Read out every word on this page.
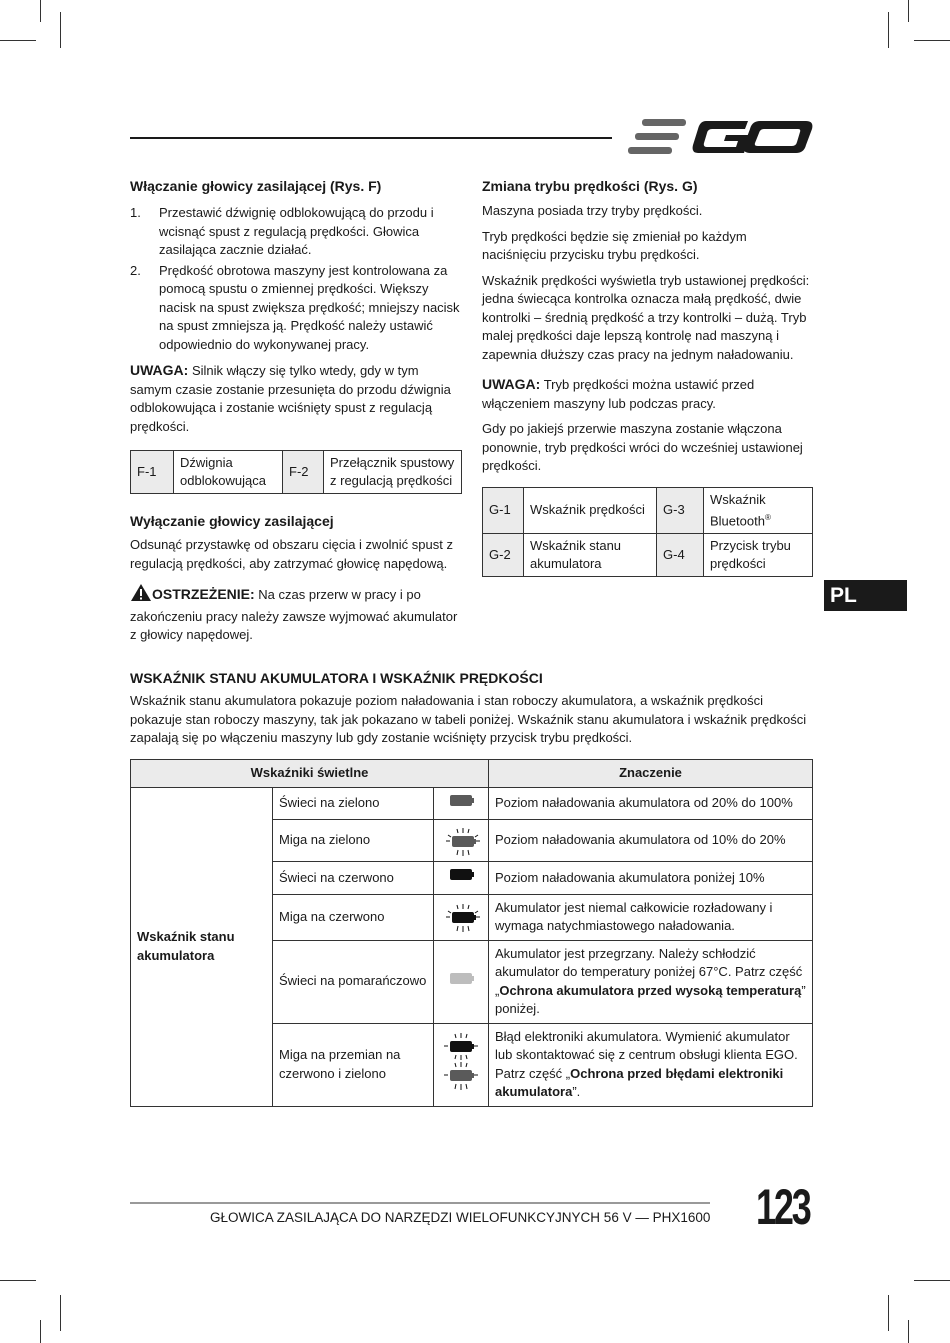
Włączanie głowicy zasilającej (Rys. F)
1. Przestawić dźwignię odblokowującą do przodu i wcisnąć spust z regulacją prędkości. Głowica zasilająca zacznie działać.
2. Prędkość obrotowa maszyny jest kontrolowana za pomocą spustu o zmiennej prędkości. Większy nacisk na spust zwiększa prędkość; mniejszy nacisk na spust zmniejsza ją. Prędkość należy ustawić odpowiednio do wykonywanej pracy.

UWAGA: Silnik włączy się tylko wtedy, gdy w tym samym czasie zostanie przesunięta do przodu dźwignia odblokowująca i zostanie wciśnięty spust z regulacją prędkości.

F-1	Dźwignia odblokowująca	F-2	Przełącznik spustowy z regulacją prędkości
Wyłączanie głowicy zasilającej

Odsunąć przystawkę od obszaru cięcia i zwolnić spust z regulacją prędkości, aby zatrzymać głowicę napędową.

OSTRZEŻENIE: Na czas przerw w pracy i po zakończeniu pracy należy zawsze wyjmować akumulator z głowicy napędowej.

Zmiana trybu prędkości (Rys. G)

Maszyna posiada trzy tryby prędkości.

Tryb prędkości będzie się zmieniał po każdym naciśnięciu przycisku trybu prędkości.

Wskaźnik prędkości wyświetla tryb ustawionej prędkości: jedna świecąca kontrolka oznacza małą prędkość, dwie kontrolki – średnią prędkość a trzy kontrolki – dużą. Tryb malej prędkości daje lepszą kontrolę nad maszyną i zapewnia dłuższy czas pracy na jednym naładowaniu.

UWAGA: Tryb prędkości można ustawić przed włączeniem maszyny lub podczas pracy.

Gdy po jakiejś przerwie maszyna zostanie włączona ponownie, tryb prędkości wróci do wcześniej ustawionej prędkości.

G-1	Wskaźnik prędkości	G-3	Wskaźnik Bluetooth®
G-2	Wskaźnik stanu akumulatora	G-4	Przycisk trybu prędkości
PL
WSKAŹNIK STANU AKUMULATORA I WSKAŹNIK PRĘDKOŚCI

Wskaźnik stanu akumulatora pokazuje poziom naładowania i stan roboczy akumulatora, a wskaźnik prędkości pokazuje stan roboczy maszyny, tak jak pokazano w tabeli poniżej. Wskaźnik stanu akumulatora i wskaźnik prędkości zapalają się po włączeniu maszyny lub gdy zostanie wciśnięty przycisk trybu prędkości.

Wskaźniki świetlne			Znaczenie
Wskaźnik stanu akumulatora	Świeci na zielono		Poziom naładowania akumulatora od 20% do 100%
	Miga na zielono		Poziom naładowania akumulatora od 10% do 20%
	Świeci na czerwono		Poziom naładowania akumulatora poniżej 10%
	Miga na czerwono		Akumulator jest niemal całkowicie rozładowany i wymaga natychmiastowego naładowania.
	Świeci na pomarańczowo		Akumulator jest przegrzany. Należy schłodzić akumulator do temperatury poniżej 67°C. Patrz część „Ochrona akumulatora przed wysoką temperaturą” poniżej.
	Miga na przemian na czerwono i zielono		Błąd elektroniki akumulatora. Wymienić akumulator lub skontaktować się z centrum obsługi klienta EGO. Patrz część „Ochrona przed błędami elektroniki akumulatora”.
GŁOWICA ZASILAJĄCA DO NARZĘDZI WIELOFUNKCYJNYCH 56 V — PHX1600 123
